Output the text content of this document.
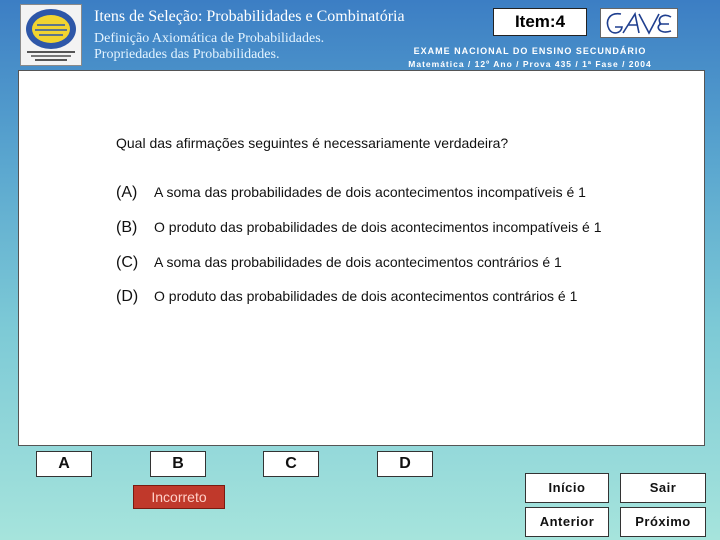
Itens de Seleção: Probabilidades e Combinatória
Definição Axiomática de Probabilidades.
Propriedades das Probabilidades.
Item:4
EXAME NACIONAL DO ENSINO SECUNDÁRIO
Matemática / 12º Ano / Prova 435 / 1ª Fase / 2004
Qual das afirmações seguintes é necessariamente verdadeira?
(A) A soma das probabilidades de dois acontecimentos incompatíveis é 1
(B) O produto das probabilidades de dois acontecimentos incompatíveis é 1
(C) A soma das probabilidades de dois acontecimentos contrários é 1
(D) O produto das probabilidades de dois acontecimentos contrários é 1
A	B	C	D
Incorreto
Início	Sair
Anterior	Próximo
